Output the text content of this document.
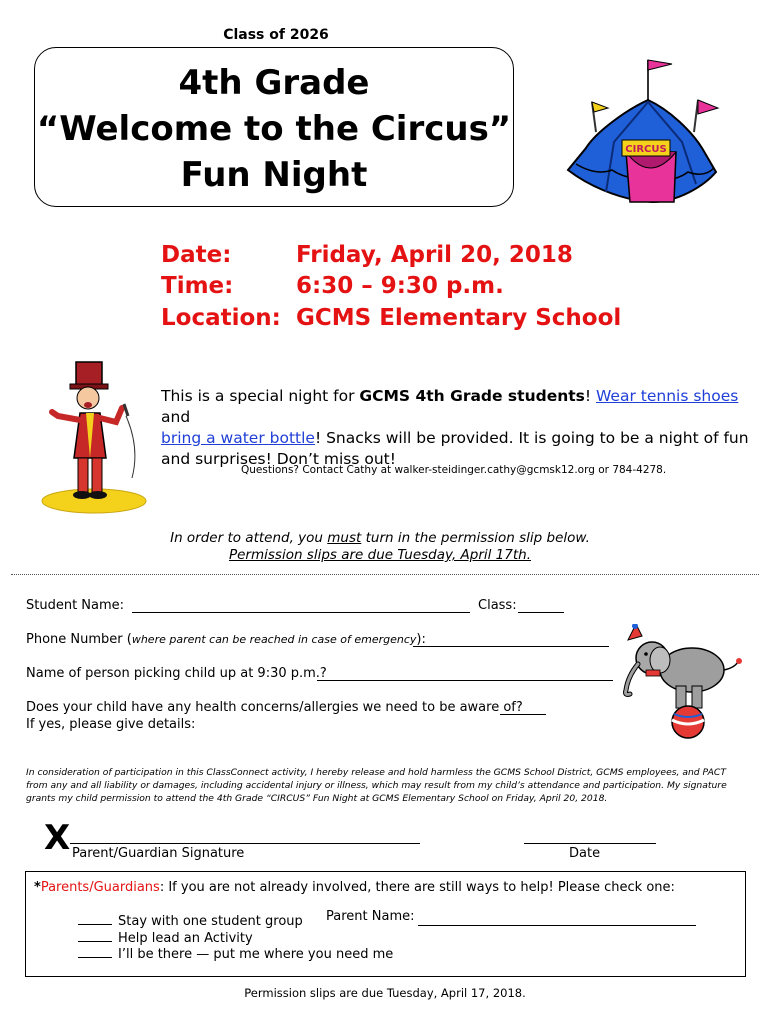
Class of 2026
4th Grade
“Welcome to the Circus”
Fun Night
CIRCUS
Date:	Friday, April 20, 2018
Time:	6:30 – 9:30 p.m.
Location: GCMS Elementary School
This is a special night for GCMS 4th Grade students! Wear tennis shoes and
bring a water bottle! Snacks will be provided. It is going to be a night of fun and surprises! Don’t miss out!
Questions? Contact Cathy at walker-steidinger.cathy@gcmsk12.org or 784-4278.
In order to attend, you must turn in the permission slip below.
Permission slips are due Tuesday, April 17th.
Student Name:	Class:
Phone Number (where parent can be reached in case of emergency):
Name of person picking child up at 9:30 p.m.?
Does your child have any health concerns/allergies we need to be aware of?
If yes, please give details:
In consideration of participation in this ClassConnect activity, I hereby release and hold harmless the GCMS School District, GCMS employees, and PACT from any and all liability or damages, including accidental injury or illness, which may result from my child’s attendance and participation. My signature grants my child permission to attend the 4th Grade “CIRCUS” Fun Night at GCMS Elementary School on Friday, April 20, 2018.
X Parent/Guardian Signature	Date
*Parents/Guardians: If you are not already involved, there are still ways to help! Please check one:
Stay with one student group
Help lead an Activity
I’ll be there — put me where you need me
Parent Name:
Permission slips are due Tuesday, April 17, 2018.
